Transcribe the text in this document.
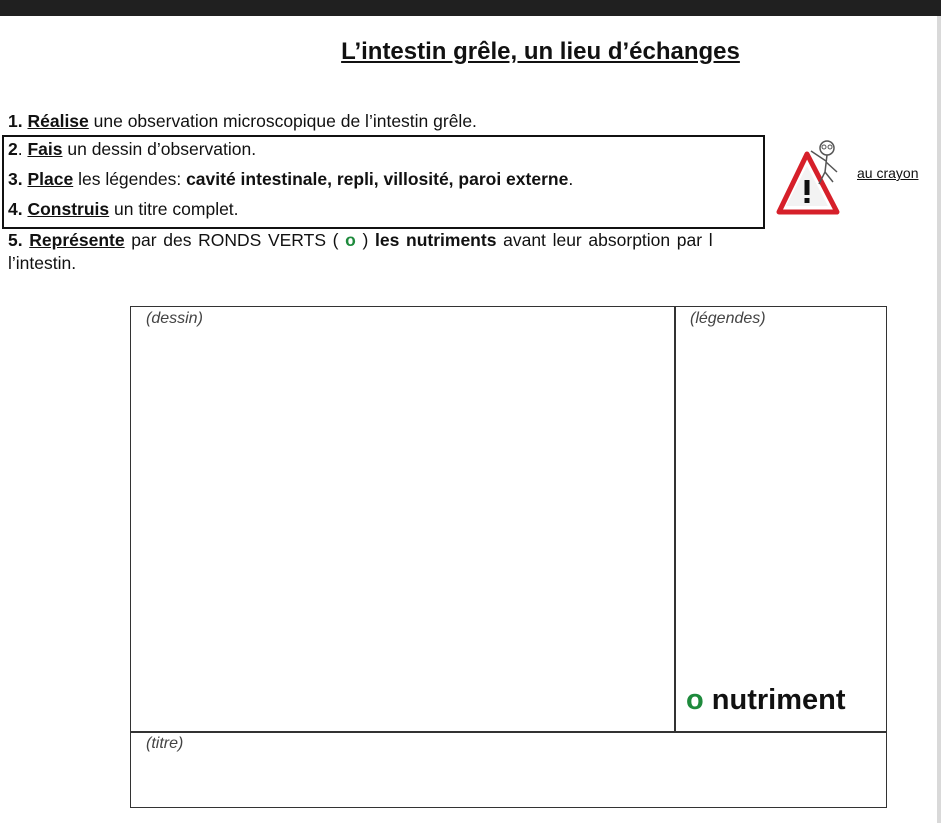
L’intestin grêle, un lieu d’échanges
1. Réalise une observation microscopique de l’intestin grêle.
2. Fais un dessin d’observation.
3. Place les légendes: cavité intestinale, repli, villosité, paroi externe.
4. Construis un titre complet.
5. Représente par des RONDS VERTS ( o ) les nutriments avant leur absorption par l
l’intestin.
au crayon
(dessin)	(légendes)
(titre)
o nutriment
